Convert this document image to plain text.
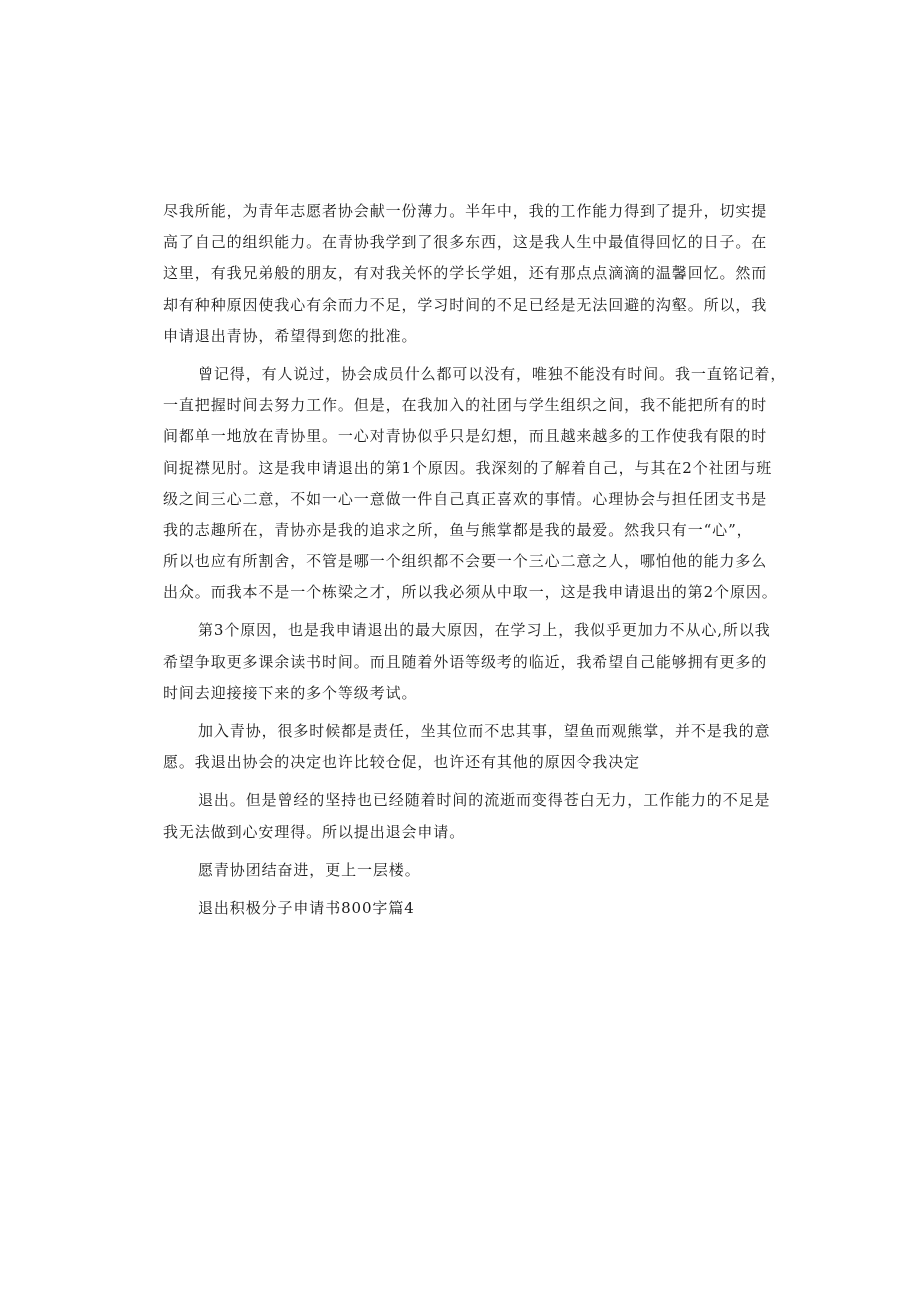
尽我所能，为青年志愿者协会献一份薄力。半年中，我的工作能力得到了提升，切实提
高了自己的组织能力。在青协我学到了很多东西，这是我人生中最值得回忆的日子。在
这里，有我兄弟般的朋友，有对我关怀的学长学姐，还有那点点滴滴的温馨回忆。然而
却有种种原因使我心有余而力不足，学习时间的不足已经是无法回避的沟壑。所以，我
申请退出青协，希望得到您的批准。
曾记得，有人说过，协会成员什么都可以没有，唯独不能没有时间。我一直铭记着，
一直把握时间去努力工作。但是，在我加入的社团与学生组织之间，我不能把所有的时
间都单一地放在青协里。一心对青协似乎只是幻想，而且越来越多的工作使我有限的时
间捉襟见肘。这是我申请退出的第1个原因。我深刻的了解着自己，与其在2个社团与班
级之间三心二意，不如一心一意做一件自己真正喜欢的事情。心理协会与担任团支书是
我的志趣所在，青协亦是我的追求之所，鱼与熊掌都是我的最爱。然我只有一“心”，
所以也应有所割舍，不管是哪一个组织都不会要一个三心二意之人，哪怕他的能力多么
出众。而我本不是一个栋梁之才，所以我必须从中取一，这是我申请退出的第2个原因。
第3个原因，也是我申请退出的最大原因，在学习上，我似乎更加力不从心,所以我
希望争取更多课余读书时间。而且随着外语等级考的临近，我希望自己能够拥有更多的
时间去迎接接下来的多个等级考试。
加入青协，很多时候都是责任，坐其位而不忠其事，望鱼而观熊掌，并不是我的意
愿。我退出协会的决定也许比较仓促，也许还有其他的原因令我决定
退出。但是曾经的坚持也已经随着时间的流逝而变得苍白无力，工作能力的不足是
我无法做到心安理得。所以提出退会申请。
愿青协团结奋进，更上一层楼。
退出积极分子申请书800字篇4
